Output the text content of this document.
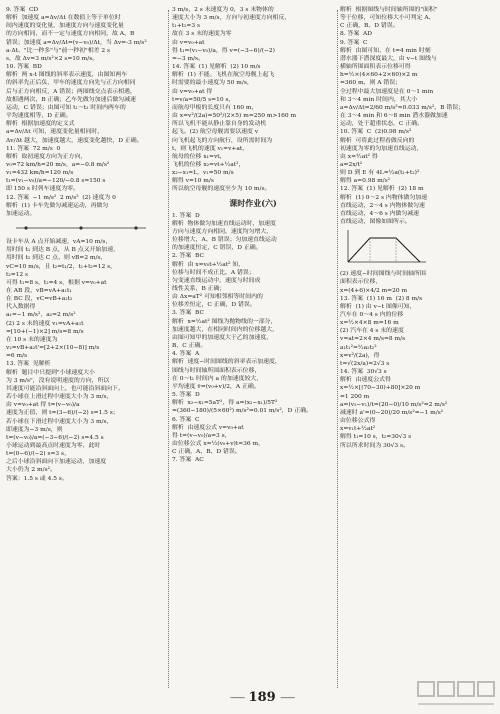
9. 答案  CD
解析  加速度 a=Δv/Δt 在数值上等于单位时
间内速度的变化量，加速度方向与速度变化量
的方向相同，而不一定与速度方向相同，故 A、B
错误；加速度 a=Δv/Δt=(v−v₀)/Δt，当 Δv=-3 m/s²
a·Δt。"比一秒多"与"前一秒初"相差 2 s
s，故 Δv=3 m/s²×2 s=10 m/s。
10. 答案  BD
解析  两 x-t 图线的斜率表示速度，由图知两车
的斜率先正后负，甲车的速度方向先与正方向相同
后与正方向相反，A 错误；两图线交点表示相遇，
故相遇两次，B 正确；乙车先做匀加速后做匀减速
运动，C 错误；由图可知 t₁～t₂ 时间内两车的
平均速度相等，D 正确。
解析  根据加速度的定义式
a=Δv/Δt 可知，速度变化量相同时，
Δv/Δt 越大，加速度越大，速度变化越快，D 正确。
11. 答案  72 m/s  0
解析  取初速度方向为正方向，
v₀=72 km/h=20 m/s，a=−0.8 m/s²
v₁=432 km/h=120 m/s
t₁=(v₁−v₀)/a=−120/−0.8 s=150 s
即 150 s 时列车速度为零。
12. 答案  −1 m/s²  2 m/s²  (2) 速度为 0
解析  (1) 卡车先做匀减速运动，再做匀
加速运动。
设卡车从 A 点开始减速，vA=10 m/s，
用时间 t₁ 到达 B 点，从 B 点又开始加速，
用时间 t₂ 到达 C 点，则 vB=2 m/s，
vC=10 m/s，且 t₂=t₁/2，t₁+t₂=12 s，
t₂=12 s
可得 t₁=8 s，t₂=4 s，根据 v=v₀+at
在 AB 段，vB=vA+a₁t₁
在 BC 段，vC=vB+a₂t₂
代入数据得
a₁=−1 m/s²，a₂=2 m/s²
(2) 2 s 末的速度 v₁=vA+a₁t
=[10+(−1)×2] m/s=8 m/s
在 10 s 末的速度为
v₂=vB+a₂t'=[2+2×(10−8)] m/s
=6 m/s
13. 答案  见解析
解析  题目中只提到"小球速度大小
为 3 m/s"，没有说明速度的方向，所以
其速度可能沿斜面向上，也可能沿斜面向下。
若小球在上滑过程中速度大小为 3 m/s，
由 v=v₀+at 得 t=(v−v₀)/a
速度为正值，则 t=(3−6)/(−2) s=1.5 s；
若小球在下滑过程中速度大小为 3 m/s，
即速度为−3 m/s，则
t=(v−v₀)/a=(−3−6)/(−2) s=4.5 s
小球运动到最高点时速度为零，此时
t=(0−6)/(−2) s=3 s，
之后小球沿斜面向下加速运动，加速度
大小仍为 2 m/s²。
答案：1.5 s 或 4.5 s。
3 m/s，2 s 末速度为 0，3 s 末物体的
速度大小为 3 m/s，方向与初速度方向相反，
t₁+t₂=3 s
故在 3 s 末的速度为零
由 v=v₀+at
得 t₁=(v₁−v₀)/a，得 v=(−3−6)/(−2)
=−3 m/s。
14. 答案  (1) 见解析  (2) 10 m/s
解析  (1) 不能。飞机在航空母舰上起飞
时需要的最小速度为 50 m/s，
由 v=v₀+at 得
t=v/a=50/5 s=10 s，
而航母甲板的长度只有 160 m，
由 x=v²/(2a)=50²/(2×5) m=250 m>160 m
所以飞机不能从静止靠自身的发动机
起飞。(2) 航空母舰需要以速度 v
向飞机起飞的方向航行，设所需时间为
t，则飞机的速度 v₁=v+at，
航母的位移 x₁=vt，
飞机的位移 x₂=vt+½at²，
x₂−x₁=L，v₁=50 m/s
解得 v=10 m/s
所以航空母舰的速度至少为 10 m/s。
课时作业(六)
1. 答案  D
解析  物体做匀加速直线运动时，加速度
方向与速度方向相同，速度均匀增大，
位移增大，A、B 错误；匀加速直线运动
的加速度恒定，C 错误，D 正确。
2. 答案  BC
解析  由 x=v₀t+½at² 知，
位移与时间不成正比，A 错误；
匀变速直线运动中，速度与时间成
线性关系，B 正确；
由 Δx=aT² 可知相邻相等时间内的
位移差恒定，C 正确，D 错误。
3. 答案  BC
解析  x=½at² 图线为抛物线的一部分，
加速度越大，在相同时间内的位移越大，
由图可知甲的加速度大于乙的加速度，
B、C 正确。
4. 答案  A
解析  速度−时间图线的斜率表示加速度，
图线与时间轴所围面积表示位移，
在 0～t₁ 时间内 a 的加速度较大，
平均速度 v̄=(v₀+v)/2，A 正确。
5. 答案  D
解析  x₂−x₁=5aT²，得 a=(x₂−x₁)/5T²
=(360−180)/(5×60²) m/s²=0.01 m/s²，D 正确。
6. 答案  C
解析  由速度公式 v=v₀+at
得 t=(v−v₀)/a=3 s，
由位移公式 x=½(v₀+v)t=36 m，
C 正确，A、B、D 错误。
7. 答案  AC
解析  根据图线与时间轴所围的"面积"
等于位移，可知位移大小可判定 A、
C 正确，B、D 错误。
8. 答案  AD
9. 答案  C
解析  由图可知，在 t=4 min 时刻
潜水器下潜深度最大，由 v−t 图线与
横轴所围面积表示位移可得
h=½×(4×60+2×60)×2 m
=360 m，则 A 错误；
全过程中最大加速度是在 0～1 min
和 3～4 min 时间内，其大小
a=Δv/Δt=2/60 m/s²≈0.033 m/s²，B 错误；
在 3～4 min 和 6～8 min 潜水器做加速
运动，处于超重状态，C 正确。
10. 答案  C  (2)0.98 m/s²
解析  可将此过程看做反向的
初速度为零的匀加速直线运动，
由 x=½at² 得
a=2x/t²
则 D 到 E 有 4L=½a(t₁+t₂)²
解得 a=0.98 m/s²
12. 答案  (1) 见解析  (2) 18 m
解析  (1) 0～2 s 内物体做匀加速
直线运动，2～4 s 内物体做匀速
直线运动，4～6 s 内做匀减速
直线运动，图像如图所示。
(2) 速度−时间图线与时间轴所围
面积表示位移，
x=(4+6)×4/2 m=20 m
13. 答案  (1) 16 m  (2) 8 m/s
解析  (1) 由 v−t 图像可知，
汽车在 0～4 s 内的位移
x=½×4×8 m=16 m
(2) 汽车在 4 s 末的速度
v=at=2×4 m/s=8 m/s
a₁t₁²=½a₂t₂²
x=v²/(2a)，得
t=√(2x/a)=2√3 s
14. 答案  30√3 s
解析  由速度公式得
x=½×[(70−30)+80]×20 m
=1 200 m
a=(v₂−v₁)/t=(20−0)/10 m/s²=2 m/s²
减速时 a'=(0−20)/20 m/s²=−1 m/s²
由位移公式得
x=v₁t+½at²
解得 t₁=10 s，t₂=30√3 s
所以所求时间为 30√3 s。
—— 189 ——
